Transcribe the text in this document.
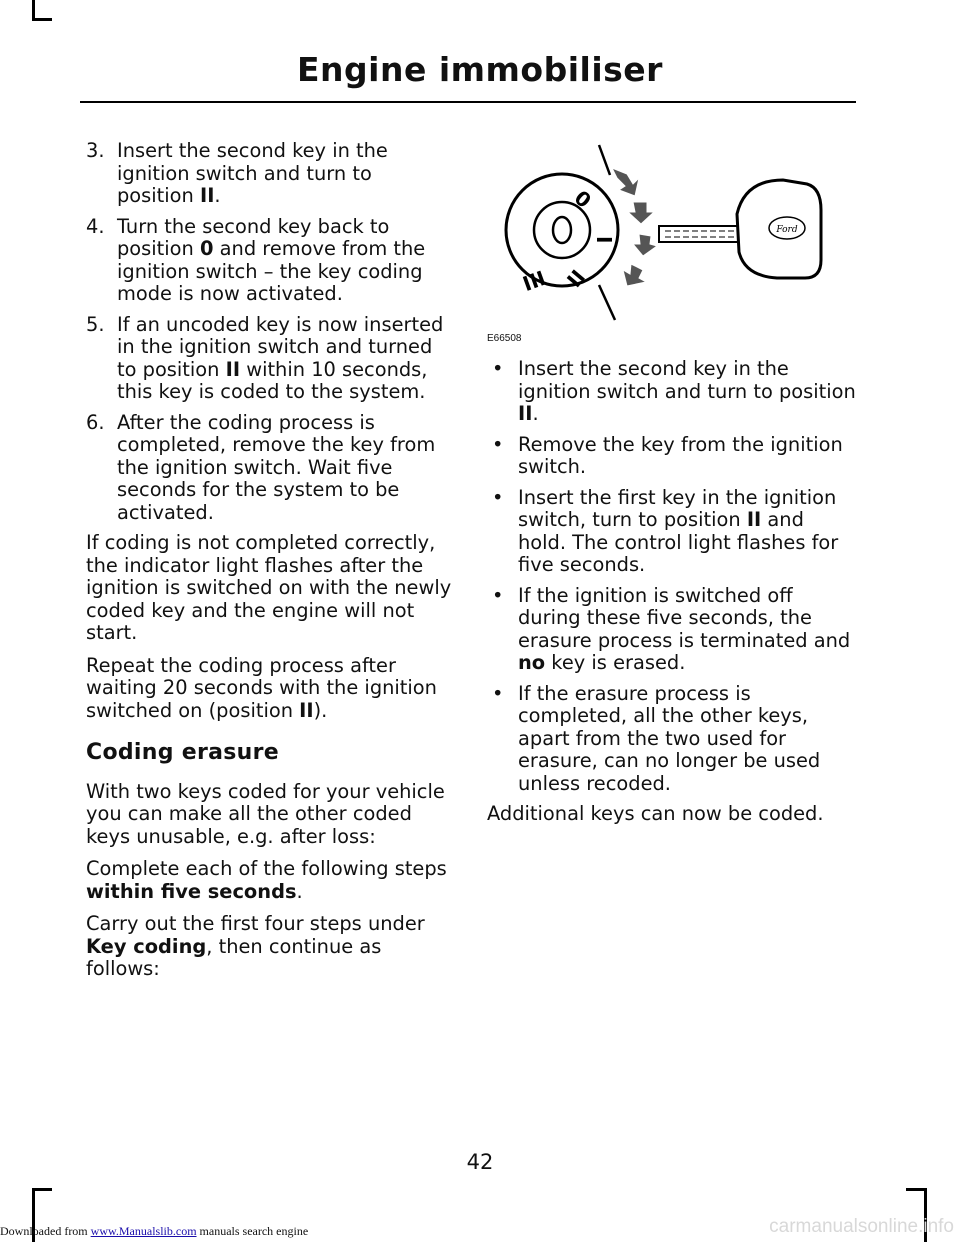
Engine immobiliser
3. Insert the second key in the ignition switch and turn to position II.
4. Turn the second key back to position 0 and remove from the ignition switch – the key coding mode is now activated.
5. If an uncoded key is now inserted in the ignition switch and turned to position II within 10 seconds, this key is coded to the system.
6. After the coding process is completed, remove the key from the ignition switch. Wait five seconds for the system to be activated.

If coding is not completed correctly, the indicator light flashes after the ignition is switched on with the newly coded key and the engine will not start.

Repeat the coding process after waiting 20 seconds with the ignition switched on (position II).

Coding erasure

With two keys coded for your vehicle you can make all the other coded keys unusable, e.g. after loss:

Complete each of the following steps within five seconds.

Carry out the first four steps under Key coding, then continue as follows:

0
I
II
III
Ford
E66508
• Insert the second key in the ignition switch and turn to position II.
• Remove the key from the ignition switch.
• Insert the first key in the ignition switch, turn to position II and hold. The control light flashes for five seconds.
• If the ignition is switched off during these five seconds, the erasure process is terminated and no key is erased.
• If the erasure process is completed, all the other keys, apart from the two used for erasure, can no longer be used unless recoded.

Additional keys can now be coded.

42
Downloaded from www.Manualslib.com manuals search engine	carmanualsonline.info
